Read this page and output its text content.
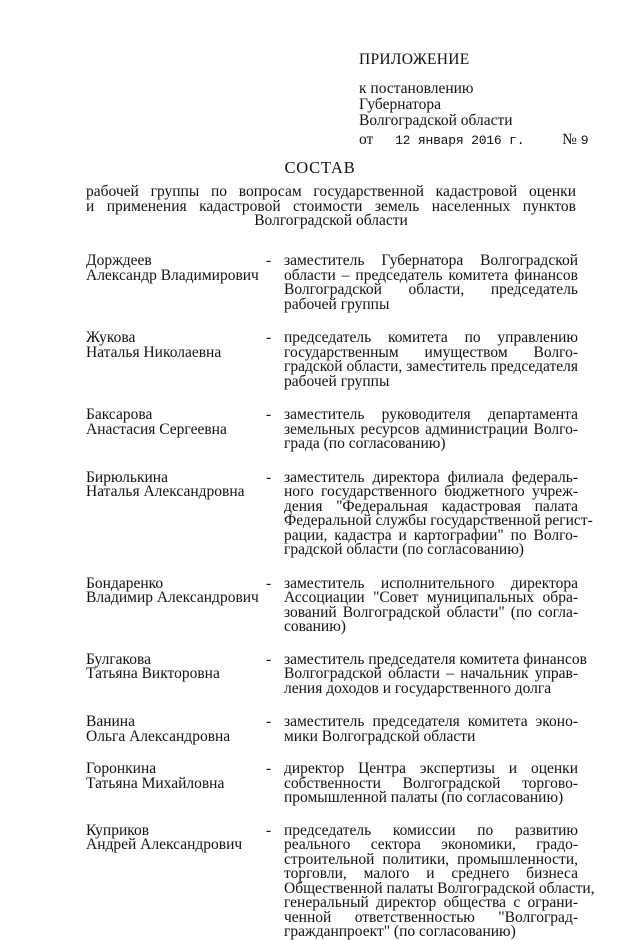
ПРИЛОЖЕНИЕ
к постановлению
Губернатора
Волгоградской области
от 12 января 2016 г. № 9
СОСТАВ
рабочей группы по вопросам государственной кадастровой оценки
и применения кадастровой стоимости земель населенных пунктов
Волгоградской области
Дорждеев
Александр Владимирович
- заместитель Губернатора Волгоградской
области – председатель комитета финансов
Волгоградской области, председатель
рабочей группы
Жукова
Наталья Николаевна
- председатель комитета по управлению
государственным имуществом Волго-
градской области, заместитель председателя
рабочей группы
Баксарова
Анастасия Сергеевна
- заместитель руководителя департамента
земельных ресурсов администрации Волго-
града (по согласованию)
Бирюлькина
Наталья Александровна
- заместитель директора филиала федераль-
ного государственного бюджетного учреж-
дения "Федеральная кадастровая палата
Федеральной службы государственной регист-
рации, кадастра и картографии" по Волго-
градской области (по согласованию)
Бондаренко
Владимир Александрович
- заместитель исполнительного директора
Ассоциации "Совет муниципальных обра-
зований Волгоградской области" (по согла-
сованию)
Булгакова
Татьяна Викторовна
- заместитель председателя комитета финансов
Волгоградской области – начальник управ-
ления доходов и государственного долга
Ванина
Ольга Александровна
- заместитель председателя комитета эконо-
мики Волгоградской области
Горонкина
Татьяна Михайловна
- директор Центра экспертизы и оценки
собственности Волгоградской торгово-
промышленной палаты (по согласованию)
Куприков
Андрей Александрович
- председатель комиссии по развитию
реального сектора экономики, градо-
строительной политики, промышленности,
торговли, малого и среднего бизнеса
Общественной палаты Волгоградской области,
генеральный директор общества с ограни-
ченной ответственностью "Волгоград-
гражданпроект" (по согласованию)
